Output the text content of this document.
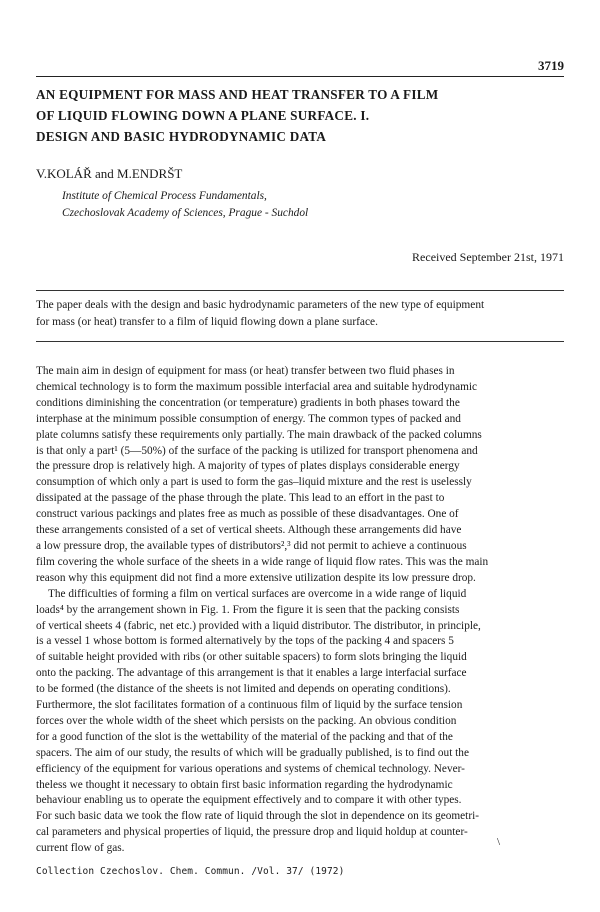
3719
AN EQUIPMENT FOR MASS AND HEAT TRANSFER TO A FILM
OF LIQUID FLOWING DOWN A PLANE SURFACE. I.
DESIGN AND BASIC HYDRODYNAMIC DATA
V.KOLÁŘ and M.ENDRŠT
Institute of Chemical Process Fundamentals,
Czechoslovak Academy of Sciences, Prague - Suchdol
Received September 21st, 1971
The paper deals with the design and basic hydrodynamic parameters of the new type of equipment
for mass (or heat) transfer to a film of liquid flowing down a plane surface.
The main aim in design of equipment for mass (or heat) transfer between two fluid phases in
chemical technology is to form the maximum possible interfacial area and suitable hydrodynamic
conditions diminishing the concentration (or temperature) gradients in both phases toward the
interphase at the minimum possible consumption of energy. The common types of packed and
plate columns satisfy these requirements only partially. The main drawback of the packed columns
is that only a part¹ (5—50%) of the surface of the packing is utilized for transport phenomena and
the pressure drop is relatively high. A majority of types of plates displays considerable energy
consumption of which only a part is used to form the gas–liquid mixture and the rest is uselessly
dissipated at the passage of the phase through the plate. This lead to an effort in the past to
construct various packings and plates free as much as possible of these disadvantages. One of
these arrangements consisted of a set of vertical sheets. Although these arrangements did have
a low pressure drop, the available types of distributors²,³ did not permit to achieve a continuous
film covering the whole surface of the sheets in a wide range of liquid flow rates. This was the main
reason why this equipment did not find a more extensive utilization despite its low pressure drop.
The difficulties of forming a film on vertical surfaces are overcome in a wide range of liquid
loads⁴ by the arrangement shown in Fig. 1. From the figure it is seen that the packing consists
of vertical sheets 4 (fabric, net etc.) provided with a liquid distributor. The distributor, in principle,
is a vessel 1 whose bottom is formed alternatively by the tops of the packing 4 and spacers 5
of suitable height provided with ribs (or other suitable spacers) to form slots bringing the liquid
onto the packing. The advantage of this arrangement is that it enables a large interfacial surface
to be formed (the distance of the sheets is not limited and depends on operating conditions).
Furthermore, the slot facilitates formation of a continuous film of liquid by the surface tension
forces over the whole width of the sheet which persists on the packing. An obvious condition
for a good function of the slot is the wettability of the material of the packing and that of the
spacers. The aim of our study, the results of which will be gradually published, is to find out the
efficiency of the equipment for various operations and systems of chemical technology. Never-
theless we thought it necessary to obtain first basic information regarding the hydrodynamic
behaviour enabling us to operate the equipment effectively and to compare it with other types.
For such basic data we took the flow rate of liquid through the slot in dependence on its geometri-
cal parameters and physical properties of liquid, the pressure drop and liquid holdup at counter-
current flow of gas.
\
Collection Czechoslov. Chem. Commun. /Vol. 37/ (1972)
